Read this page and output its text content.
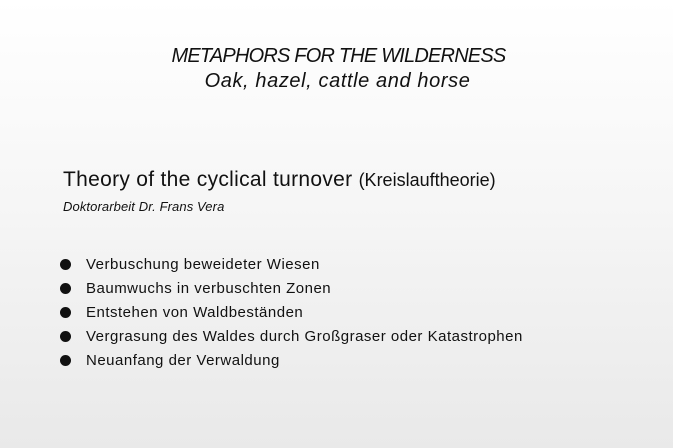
METAPHORS FOR THE WILDERNESS
Oak, hazel, cattle and horse
Theory of the cyclical turnover (Kreislauftheorie)
Doktorarbeit Dr. Frans Vera
Verbuschung beweideter Wiesen
Baumwuchs in verbuschten Zonen
Entstehen von Waldbeständen
Vergrasung des Waldes durch Großgraser oder Katastrophen
Neuanfang der Verwaldung
